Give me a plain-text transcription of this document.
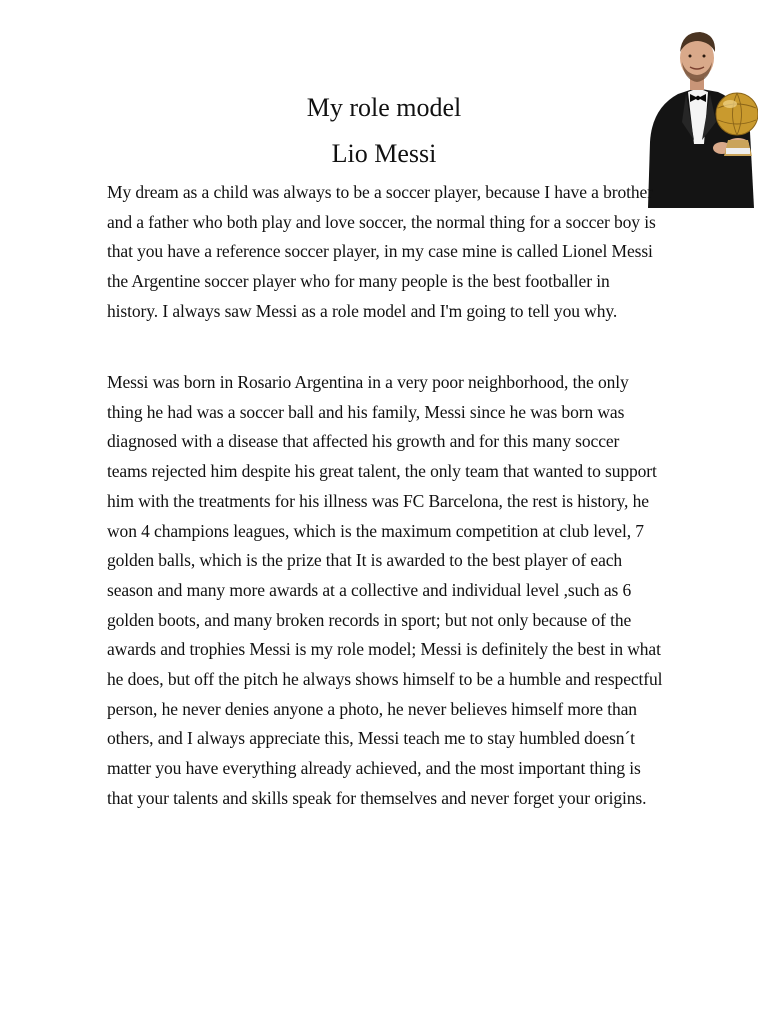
My role model
Lio Messi

My dream as a child was always to be a soccer player, because I have a brother and a father who both play and love soccer, the normal thing for a soccer boy is that you have a reference soccer player, in my case mine is called Lionel Messi the Argentine soccer player who for many people is the best footballer in history. I always saw Messi as a role model and I'm going to tell you why.

Messi was born in Rosario Argentina in a very poor neighborhood, the only thing he had was a soccer ball and his family, Messi since he was born was diagnosed with a disease that affected his growth and for this many soccer teams rejected him despite his great talent, the only team that wanted to support him with the treatments for his illness was FC Barcelona, the rest is history, he won 4 champions leagues, which is the maximum competition at club level, 7 golden balls, which is the prize that It is awarded to the best player of each season and many more awards at a collective and individual level ,such as 6 golden boots, and many broken records in sport; but not only because of the awards and trophies Messi is my role model; Messi is definitely the best in what he does, but off the pitch he always shows himself to be a humble and respectful person, he never denies anyone a photo, he never believes himself more than others, and I always appreciate this, Messi teach me to stay humbled doesn´t matter you have everything already achieved, and the most important thing is that your talents and skills speak for themselves and never forget your origins.
